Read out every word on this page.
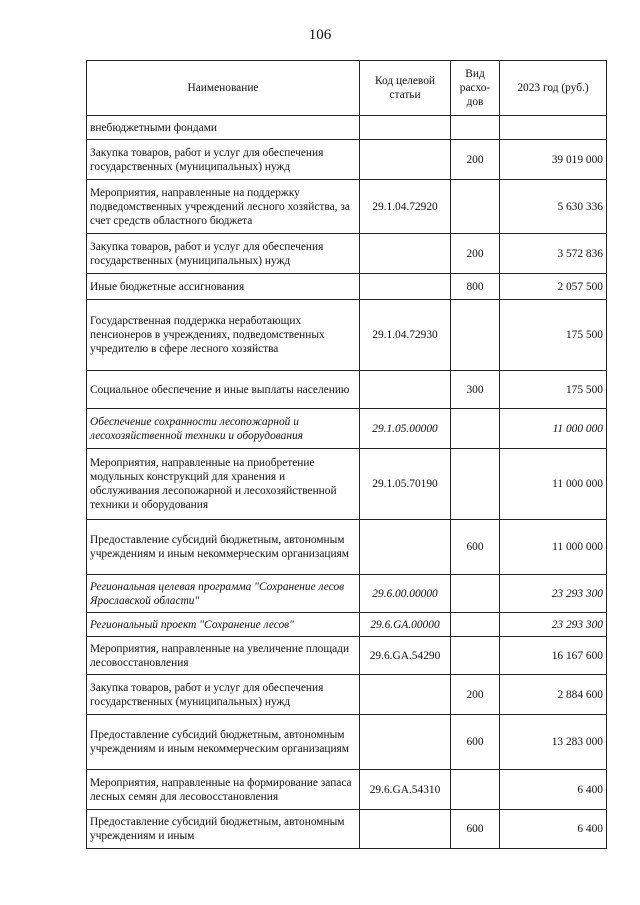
106
Наименование	Код целевой статьи	Вид расхо-дов	2023 год (руб.)
внебюджетными фондами			
Закупка товаров, работ и услуг для обеспечения государственных (муниципальных) нужд		200	39 019 000
Мероприятия, направленные на поддержку подведомственных учреждений лесного хозяйства, за счет средств областного бюджета	29.1.04.72920		5 630 336
Закупка товаров, работ и услуг для обеспечения государственных (муниципальных) нужд		200	3 572 836
Иные бюджетные ассигнования		800	2 057 500
Государственная поддержка неработающих пенсионеров в учреждениях, подведомственных учредителю в сфере лесного хозяйства	29.1.04.72930		175 500
Социальное обеспечение и иные выплаты населению		300	175 500
Обеспечение сохранности лесопожарной и лесохозяйственной техники и оборудования	29.1.05.00000		11 000 000
Мероприятия, направленные на приобретение модульных конструкций для хранения и обслуживания лесопожарной и лесохозяйственной техники и оборудования	29.1.05.70190		11 000 000
Предоставление субсидий бюджетным, автономным учреждениям и иным некоммерческим организациям		600	11 000 000
Региональная целевая программа "Сохранение лесов Ярославской области"	29.6.00.00000		23 293 300
Региональный проект "Сохранение лесов"	29.6.GA.00000		23 293 300
Мероприятия, направленные на увеличение площади лесовосстановления	29.6.GA.54290		16 167 600
Закупка товаров, работ и услуг для обеспечения государственных (муниципальных) нужд		200	2 884 600
Предоставление субсидий бюджетным, автономным учреждениям и иным некоммерческим организациям		600	13 283 000
Мероприятия, направленные на формирование запаса лесных семян для лесовосстановления	29.6.GA.54310		6 400
Предоставление субсидий бюджетным, автономным учреждениям и иным		600	6 400
